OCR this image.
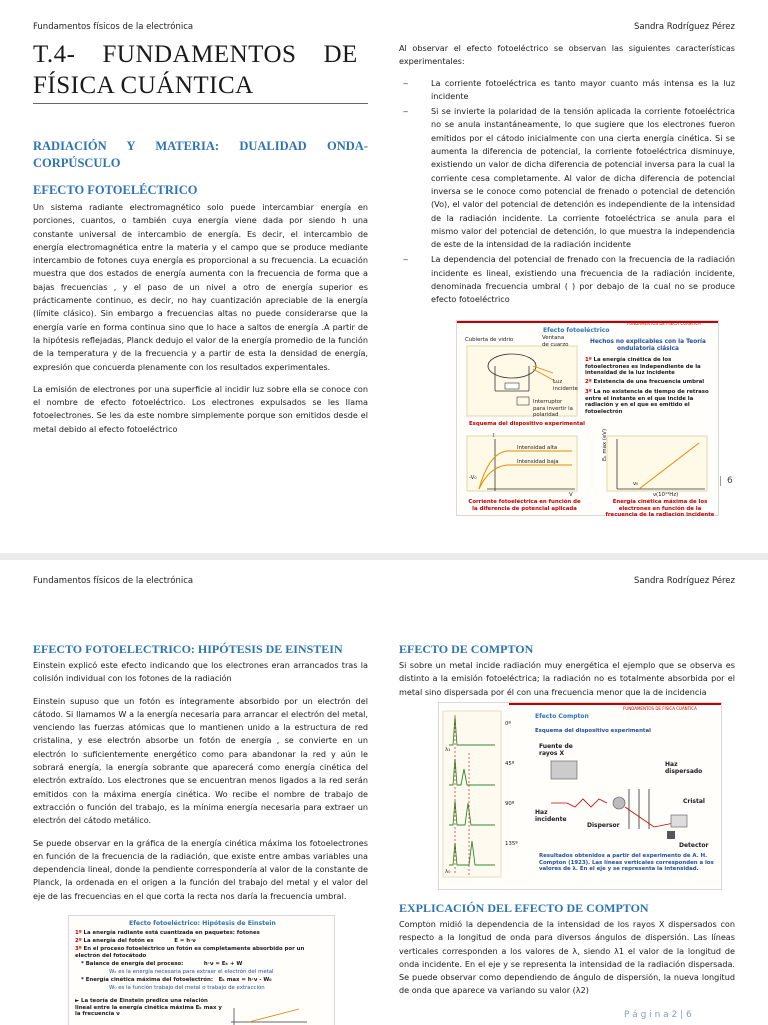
Fundamentos físicos de la electrónica	Sandra Rodríguez Pérez
T.4-    FUNDAMENTOS    DE
FÍSICA CUÁNTICA
RADIACIÓN Y MATERIA: DUALIDAD ONDA-CORPÚSCULO
EFECTO FOTOELÉCTRICO

Un sistema radiante electromagnético solo puede intercambiar energía en porciones, cuantos, o también cuya energía viene dada por siendo h una constante universal de intercambio de energía. Es decir, el intercambio de energía electromagnética entre la materia y el campo que se produce mediante intercambio de fotones cuya energía es proporcional a su frecuencia. La ecuación muestra que dos estados de energía aumenta con la frecuencia de forma que a bajas frecuencias , y el paso de un nivel a otro de energía superior es prácticamente continuo, es decir, no hay cuantización apreciable de la energía (límite clásico). Sin embargo a frecuencias altas no puede considerarse que la energía varíe en forma continua sino que lo hace a saltos de energía .A partir de la hipótesis reflejadas, Planck dedujo el valor de la energía promedio de la función de la temperatura y de la frecuencia y a partir de esta la densidad de energía, expresión que concuerda plenamente con los resultados experimentales.

La emisión de electrones por una superficie al incidir luz sobre ella se conoce con el nombre de efecto fotoeléctrico. Los electrones expulsados se les llama fotoelectrones. Se les da este nombre simplemente porque son emitidos desde el metal debido al efecto fotoeléctrico

Al observar el efecto fotoeléctrico se observan las siguientes características experimentales:

‒	La corriente fotoeléctrica es tanto mayor cuanto más intensa es la luz incidente
‒	Si se invierte la polaridad de la tensión aplicada la corriente fotoeléctrica no se anula instantáneamente, lo que sugiere que los electrones fueron emitidos por el cátodo inicialmente con una cierta energía cinética. Si se aumenta la diferencia de potencial, la corriente fotoeléctrica disminuye, existiendo un valor de dicha diferencia de potencial inversa para la cual la corriente cesa completamente. Al valor de dicha diferencia de potencial inversa se le conoce como potencial de frenado o potencial de detención (Vo), el valor del potencial de detención es independiente de la intensidad de la radiación incidente. La corriente fotoeléctrica se anula para el mismo valor del potencial de detención, lo que muestra la independencia de este de la intensidad de la radiación incidente
‒	La dependencia del potencial de frenado con la frecuencia de la radiación incidente es lineal, existiendo una frecuencia de la radiación incidente, denominada frecuencia umbral ( ) por debajo de la cual no se produce efecto fotoeléctrico
Efecto fotoeléctrico
FUNDAMENTOS DE FÍSICA CUÁNTICA
Cubierta de vidrio	Ventana de cuarzo
Luz incidente
Interruptor para invertir la polaridad
Esquema del dispositivo experimental
Hechos no explicables con la Teoría ondulatoria clásica
1º La energía cinética de los fotoelectrones es independiente de la intensidad de la luz incidente
2º Existencia de una frecuencia umbral
3º La no existencia de tiempo de retraso entre el instante en el que incide la radiación y en el que es emitido el fotoelectrón
Intensidad alta
Intensidad baja
I
V
-V₀
Corriente fotoeléctrica en función de la diferencia de potencial aplicada
Eₖ max (eV)
ν(10¹⁴Hz)
ν₀
Energía cinética máxima de los electrones en función de la frecuencia de la radiación incidente
6
Fundamentos físicos de la electrónica	Sandra Rodríguez Pérez
EFECTO FOTOELECTRICO: HIPÓTESIS DE EINSTEIN

Einstein explicó este efecto indicando que los electrones eran arrancados tras la colisión individual con los fotones de la radiación

Einstein supuso que un fotón es íntegramente absorbido por un electrón del cátodo. Si llamamos W a la energía necesaria para arrancar el electrón del metal, venciendo las fuerzas atómicas que lo mantienen unido a la estructura de red cristalina, y ese electrón absorbe un fotón de energía , se convierte en un electrón lo suficientemente energético como para abandonar la red y aún le sobrará energía, la energía sobrante que aparecerá como energía cinética del electrón extraído. Los electrones que se encuentran menos ligados a la red serán emitidos con la máxima energía cinética. Wo recibe el nombre de trabajo de extracción o función del trabajo, es la mínima energía necesaria para extraer un electrón del cátodo metálico.

Se puede observar en la gráfica de la energía cinética máxima los fotoelectrones en función de la frecuencia de la radiación, que existe entre ambas variables una dependencia lineal, donde la pendiente correspondería al valor de la constante de Planck, la ordenada en el origen a la función del trabajo del metal y el valor del eje de las frecuencias en el que corta la recta nos daría la frecuencia umbral.

Efecto fotoeléctrico: Hipótesis de Einstein
1º La energía radiante está cuantizada en paquetes: fotones
2º La energía del fotón es           E = h·ν
3º En el proceso fotoeléctrico un fotón es completamente absorbido por un electrón del fotocátodo
* Balance de energía del proceso:           h·ν = Eₖ + W
Wₑ es la energía necesaria para extraer el electrón del metal
* Energía cinética máxima del fotoelectrón:   Eₖ max = h·ν - W₀
W₀ es la función trabajo del metal o trabajo de extracción
► La teoría de Einstein predice una relación lineal entre la energía cinética máxima Eₖ max y la frecuencia ν
EFECTO DE COMPTON

Si sobre un metal incide radiación muy energética el ejemplo que se observa es distinto a la emisión fotoeléctrica; la radiación no es totalmente absorbida por el metal sino dispersada por él con una frecuencia menor que la de incidencia

FUNDAMENTOS DE FÍSICA CUÁNTICA
Efecto Compton
Esquema del dispositivo experimental
0º
45º
90º
135º
λ₁
λ₀
Fuente de rayos X
Haz dispersado
Cristal
Haz incidente
Dispersor
Detector
Resultados obtenidos a partir del experimento de A. H. Compton (1923). Las líneas verticales corresponden a los valores de λ. En el eje y se representa la intensidad.
EXPLICACIÓN DEL EFECTO DE COMPTON

Compton midió la dependencia de la intensidad de los rayos X dispersados con respecto a la longitud de onda para diversos ángulos de dispersión. Las líneas verticales corresponden a los valores de λ, siendo λ1 el valor de la longitud de onda incidente. En el eje y se representa la intensidad de la radiación dispersada. Se puede observar como dependiendo de ángulo de dispersión, la nueva longitud de onda que aparece va variando su valor (λ2)

P á g i n a 2 | 6
